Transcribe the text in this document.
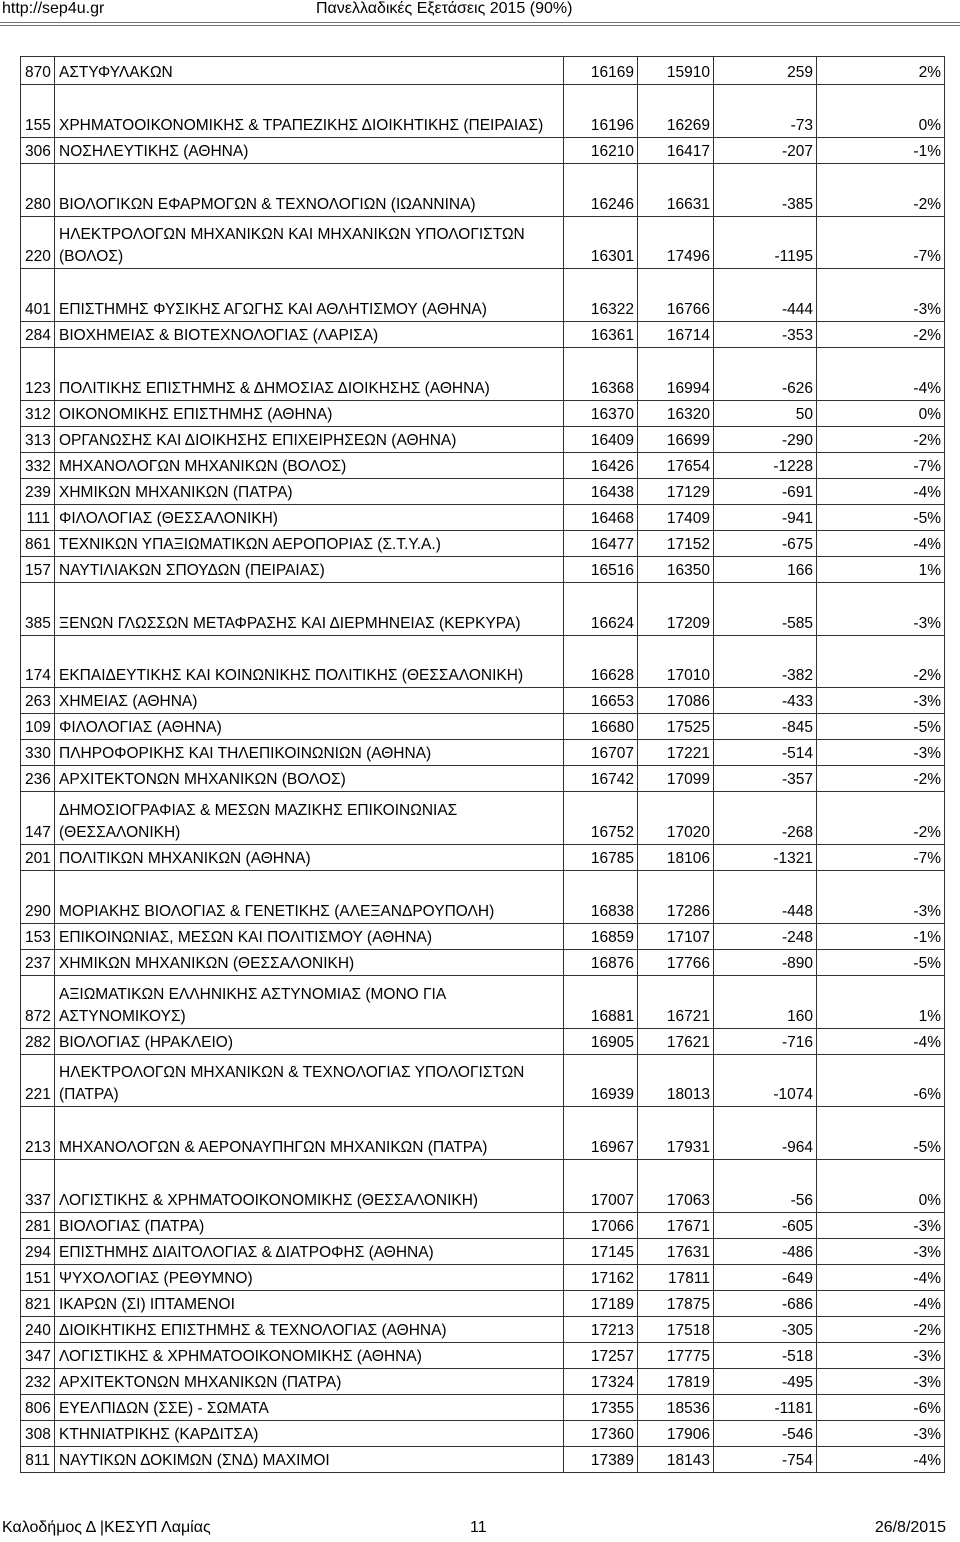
http://sep4u.gr	Πανελλαδικές Εξετάσεις 2015 (90%)
870	ΑΣΤΥΦΥΛΑΚΩΝ	16169	15910	259	2%
155	ΧΡΗΜΑΤΟΟΙΚΟΝΟΜΙΚΗΣ & ΤΡΑΠΕΖΙΚΗΣ ΔΙΟΙΚΗΤΙΚΗΣ (ΠΕΙΡΑΙΑΣ)	16196	16269	-73	0%
306	ΝΟΣΗΛΕΥΤΙΚΗΣ (ΑΘΗΝΑ)	16210	16417	-207	-1%
280	ΒΙΟΛΟΓΙΚΩΝ ΕΦΑΡΜΟΓΩΝ & ΤΕΧΝΟΛΟΓΙΩΝ (ΙΩΑΝΝΙΝΑ)	16246	16631	-385	-2%
220	ΗΛΕΚΤΡΟΛΟΓΩΝ ΜΗΧΑΝΙΚΩΝ ΚΑΙ ΜΗΧΑΝΙΚΩΝ ΥΠΟΛΟΓΙΣΤΩΝ (ΒΟΛΟΣ)	16301	17496	-1195	-7%
401	ΕΠΙΣΤΗΜΗΣ ΦΥΣΙΚΗΣ ΑΓΩΓΗΣ ΚΑΙ ΑΘΛΗΤΙΣΜΟΥ (ΑΘΗΝΑ)	16322	16766	-444	-3%
284	ΒΙΟΧΗΜΕΙΑΣ & ΒΙΟΤΕΧΝΟΛΟΓΙΑΣ (ΛΑΡΙΣΑ)	16361	16714	-353	-2%
123	ΠΟΛΙΤΙΚΗΣ ΕΠΙΣΤΗΜΗΣ & ΔΗΜΟΣΙΑΣ ΔΙΟΙΚΗΣΗΣ (ΑΘΗΝΑ)	16368	16994	-626	-4%
312	ΟΙΚΟΝΟΜΙΚΗΣ ΕΠΙΣΤΗΜΗΣ (ΑΘΗΝΑ)	16370	16320	50	0%
313	ΟΡΓΑΝΩΣΗΣ ΚΑΙ ΔΙΟΙΚΗΣΗΣ ΕΠΙΧΕΙΡΗΣΕΩΝ (ΑΘΗΝΑ)	16409	16699	-290	-2%
332	ΜΗΧΑΝΟΛΟΓΩΝ ΜΗΧΑΝΙΚΩΝ (ΒΟΛΟΣ)	16426	17654	-1228	-7%
239	ΧΗΜΙΚΩΝ ΜΗΧΑΝΙΚΩΝ (ΠΑΤΡΑ)	16438	17129	-691	-4%
111	ΦΙΛΟΛΟΓΙΑΣ (ΘΕΣΣΑΛΟΝΙΚΗ)	16468	17409	-941	-5%
861	ΤΕΧΝΙΚΩΝ ΥΠΑΞΙΩΜΑΤΙΚΩΝ ΑΕΡΟΠΟΡΙΑΣ (Σ.Τ.Υ.Α.)	16477	17152	-675	-4%
157	ΝΑΥΤΙΛΙΑΚΩΝ ΣΠΟΥΔΩΝ (ΠΕΙΡΑΙΑΣ)	16516	16350	166	1%
385	ΞΕΝΩΝ ΓΛΩΣΣΩΝ ΜΕΤΑΦΡΑΣΗΣ ΚΑΙ ΔΙΕΡΜΗΝΕΙΑΣ (ΚΕΡΚΥΡΑ)	16624	17209	-585	-3%
174	ΕΚΠΑΙΔΕΥΤΙΚΗΣ ΚΑΙ ΚΟΙΝΩΝΙΚΗΣ ΠΟΛΙΤΙΚΗΣ (ΘΕΣΣΑΛΟΝΙΚΗ)	16628	17010	-382	-2%
263	ΧΗΜΕΙΑΣ (ΑΘΗΝΑ)	16653	17086	-433	-3%
109	ΦΙΛΟΛΟΓΙΑΣ (ΑΘΗΝΑ)	16680	17525	-845	-5%
330	ΠΛΗΡΟΦΟΡΙΚΗΣ ΚΑΙ ΤΗΛΕΠΙΚΟΙΝΩΝΙΩΝ (ΑΘΗΝΑ)	16707	17221	-514	-3%
236	ΑΡΧΙΤΕΚΤΟΝΩΝ ΜΗΧΑΝΙΚΩΝ (ΒΟΛΟΣ)	16742	17099	-357	-2%
147	ΔΗΜΟΣΙΟΓΡΑΦΙΑΣ & ΜΕΣΩΝ ΜΑΖΙΚΗΣ ΕΠΙΚΟΙΝΩΝΙΑΣ (ΘΕΣΣΑΛΟΝΙΚΗ)	16752	17020	-268	-2%
201	ΠΟΛΙΤΙΚΩΝ ΜΗΧΑΝΙΚΩΝ (ΑΘΗΝΑ)	16785	18106	-1321	-7%
290	ΜΟΡΙΑΚΗΣ ΒΙΟΛΟΓΙΑΣ & ΓΕΝΕΤΙΚΗΣ (ΑΛΕΞΑΝΔΡΟΥΠΟΛΗ)	16838	17286	-448	-3%
153	ΕΠΙΚΟΙΝΩΝΙΑΣ, ΜΕΣΩΝ ΚΑΙ ΠΟΛΙΤΙΣΜΟΥ (ΑΘΗΝΑ)	16859	17107	-248	-1%
237	ΧΗΜΙΚΩΝ ΜΗΧΑΝΙΚΩΝ (ΘΕΣΣΑΛΟΝΙΚΗ)	16876	17766	-890	-5%
872	ΑΞΙΩΜΑΤΙΚΩΝ ΕΛΛΗΝΙΚΗΣ ΑΣΤΥΝΟΜΙΑΣ (ΜΟΝΟ ΓΙΑ ΑΣΤΥΝΟΜΙΚΟΥΣ)	16881	16721	160	1%
282	ΒΙΟΛΟΓΙΑΣ (ΗΡΑΚΛΕΙΟ)	16905	17621	-716	-4%
221	ΗΛΕΚΤΡΟΛΟΓΩΝ ΜΗΧΑΝΙΚΩΝ & ΤΕΧΝΟΛΟΓΙΑΣ ΥΠΟΛΟΓΙΣΤΩΝ (ΠΑΤΡΑ)	16939	18013	-1074	-6%
213	ΜΗΧΑΝΟΛΟΓΩΝ & ΑΕΡΟΝΑΥΠΗΓΩΝ ΜΗΧΑΝΙΚΩΝ (ΠΑΤΡΑ)	16967	17931	-964	-5%
337	ΛΟΓΙΣΤΙΚΗΣ & ΧΡΗΜΑΤΟΟΙΚΟΝΟΜΙΚΗΣ (ΘΕΣΣΑΛΟΝΙΚΗ)	17007	17063	-56	0%
281	ΒΙΟΛΟΓΙΑΣ (ΠΑΤΡΑ)	17066	17671	-605	-3%
294	ΕΠΙΣΤΗΜΗΣ ΔΙΑΙΤΟΛΟΓΙΑΣ & ΔΙΑΤΡΟΦΗΣ (ΑΘΗΝΑ)	17145	17631	-486	-3%
151	ΨΥΧΟΛΟΓΙΑΣ (ΡΕΘΥΜΝΟ)	17162	17811	-649	-4%
821	ΙΚΑΡΩΝ (ΣΙ) ΙΠΤΑΜΕΝΟΙ	17189	17875	-686	-4%
240	ΔΙΟΙΚΗΤΙΚΗΣ ΕΠΙΣΤΗΜΗΣ & ΤΕΧΝΟΛΟΓΙΑΣ (ΑΘΗΝΑ)	17213	17518	-305	-2%
347	ΛΟΓΙΣΤΙΚΗΣ & ΧΡΗΜΑΤΟΟΙΚΟΝΟΜΙΚΗΣ (ΑΘΗΝΑ)	17257	17775	-518	-3%
232	ΑΡΧΙΤΕΚΤΟΝΩΝ ΜΗΧΑΝΙΚΩΝ (ΠΑΤΡΑ)	17324	17819	-495	-3%
806	ΕΥΕΛΠΙΔΩΝ (ΣΣΕ) - ΣΩΜΑΤΑ	17355	18536	-1181	-6%
308	ΚΤΗΝΙΑΤΡΙΚΗΣ (ΚΑΡΔΙΤΣΑ)	17360	17906	-546	-3%
811	ΝΑΥΤΙΚΩΝ ΔΟΚΙΜΩΝ (ΣΝΔ) ΜΑΧΙΜΟΙ	17389	18143	-754	-4%
Καλοδήμος Δ |ΚΕΣΥΠ Λαμίας	11	26/8/2015
